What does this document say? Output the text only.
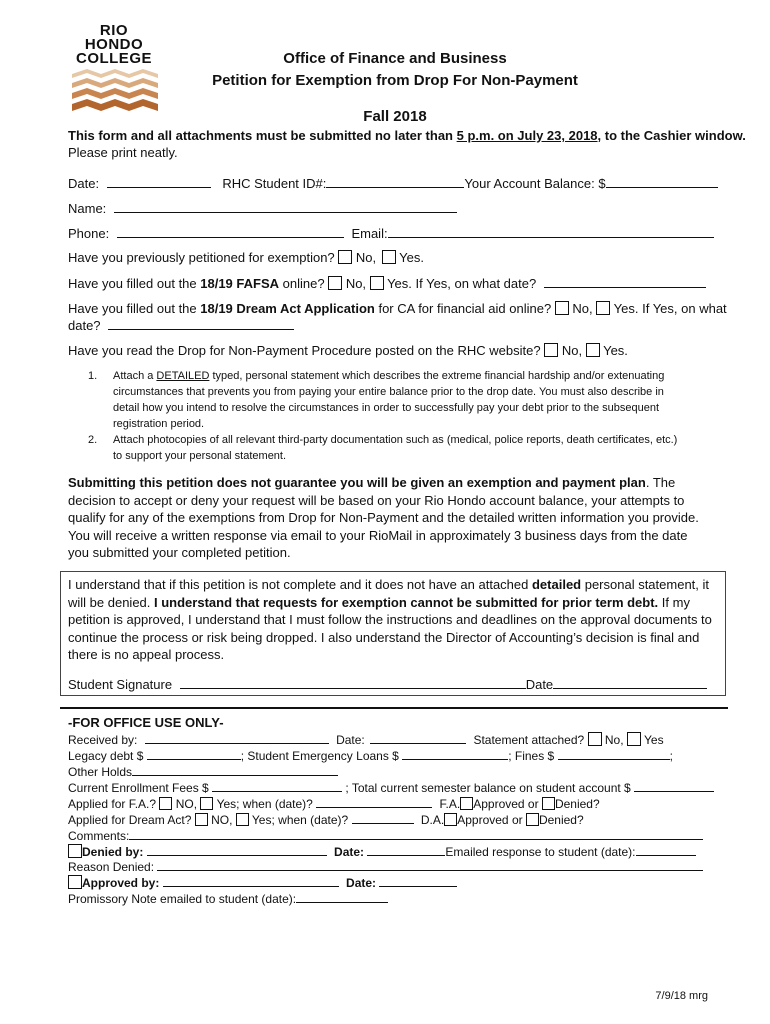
RIO
HONDO
COLLEGE	Office of Finance and Business
Petition for Exemption from Drop For Non-Payment
Fall 2018
This form and all attachments must be submitted no later than 5 p.m. on July 23, 2018, to the Cashier window.
Please print neatly.
Date:	RHC Student ID#:	Your Account Balance: $
Name:
Phone:	Email:
Have you previously petitioned for exemption? No, Yes.
Have you filled out the 18/19 FAFSA online? No, Yes. If Yes, on what date?
Have you filled out the 18/19 Dream Act Application for CA for financial aid online? No, Yes. If Yes, on what
date?
Have you read the Drop for Non-Payment Procedure posted on the RHC website? No, Yes.
1. Attach a DETAILED typed, personal statement which describes the extreme financial hardship and/or extenuating
circumstances that prevents you from paying your entire balance prior to the drop date. You must also describe in
detail how you intend to resolve the circumstances in order to successfully pay your debt prior to the subsequent
registration period.
2. Attach photocopies of all relevant third-party documentation such as (medical, police reports, death certificates, etc.)
to support your personal statement.
Submitting this petition does not guarantee you will be given an exemption and payment plan. The decision to accept or deny your request will be based on your Rio Hondo account balance, your attempts to qualify for any of the exemptions from Drop for Non-Payment and the detailed written information you provide. You will receive a written response via email to your RioMail in approximately 3 business days from the date you submitted your completed petition.
I understand that if this petition is not complete and it does not have an attached detailed personal statement, it will be denied. I understand that requests for exemption cannot be submitted for prior term debt. If my petition is approved, I understand that I must follow the instructions and deadlines on the approval documents to continue the process or risk being dropped. I also understand the Director of Accounting’s decision is final and there is no appeal process.
Student Signature	Date
-FOR OFFICE USE ONLY-
Received by:	Date:	Statement attached? No, Yes
Legacy debt $	; Student Emergency Loans $	; Fines $	;
Other Holds
Current Enrollment Fees $	; Total current semester balance on student account $
Applied for F.A.? NO, Yes; when (date)?	F.A. Approved or Denied?
Applied for Dream Act? NO, Yes; when (date)?	D.A. Approved or Denied?
Comments:
Denied by:	Date:	Emailed response to student (date):
Reason Denied:
Approved by:	Date:
Promissory Note emailed to student (date):
7/9/18 mrg
